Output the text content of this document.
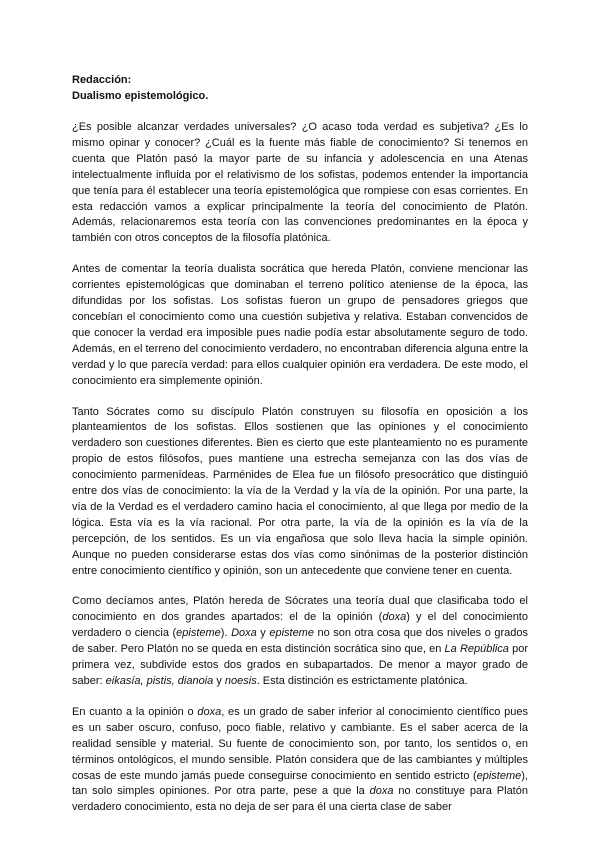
Redacción:
Dualismo epistemológico.

¿Es posible alcanzar verdades universales? ¿O acaso toda verdad es subjetiva? ¿Es lo mismo opinar y conocer? ¿Cuál es la fuente más fiable de conocimiento? Si tenemos en cuenta que Platón pasó la mayor parte de su infancia y adolescencia en una Atenas intelectualmente influida por el relativismo de los sofistas, podemos entender la importancia que tenía para él establecer una teoría epistemológica que rompiese con esas corrientes. En esta redacción vamos a explicar principalmente la teoría del conocimiento de Platón. Además, relacionaremos esta teoría con las convenciones predominantes en la época y también con otros conceptos de la filosofía platónica.

Antes de comentar la teoría dualista socrática que hereda Platón, conviene mencionar las corrientes epistemológicas que dominaban el terreno político ateniense de la época, las difundidas por los sofistas. Los sofistas fueron un grupo de pensadores griegos que concebían el conocimiento como una cuestión subjetiva y relativa. Estaban convencidos de que conocer la verdad era imposible pues nadie podía estar absolutamente seguro de todo. Además, en el terreno del conocimiento verdadero, no encontraban diferencia alguna entre la verdad y lo que parecía verdad: para ellos cualquier opinión era verdadera. De este modo, el conocimiento era simplemente opinión.

Tanto Sócrates como su discípulo Platón construyen su filosofía en oposición a los planteamientos de los sofistas. Ellos sostienen que las opiniones y el conocimiento verdadero son cuestiones diferentes. Bien es cierto que este planteamiento no es puramente propio de estos filósofos, pues mantiene una estrecha semejanza con las dos vías de conocimiento parmenídeas. Parménides de Elea fue un filósofo presocrático que distinguió entre dos vías de conocimiento: la vía de la Verdad y la vía de la opinión. Por una parte, la vía de la Verdad es el verdadero camino hacia el conocimiento, al que llega por medio de la lógica. Esta vía es la vía racional. Por otra parte, la vía de la opinión es la vía de la percepción, de los sentidos. Es un vía engañosa que solo lleva hacia la simple opinión. Aunque no pueden considerarse estas dos vías como sinónimas de la posterior distinción entre conocimiento científico y opinión, son un antecedente que conviene tener en cuenta.

Como decíamos antes, Platón hereda de Sócrates una teoría dual que clasificaba todo el conocimiento en dos grandes apartados: el de la opinión (doxa) y el del conocimiento verdadero o ciencia (episteme). Doxa y episteme no son otra cosa que dos niveles o grados de saber. Pero Platón no se queda en esta distinción socrática sino que, en La República por primera vez, subdivide estos dos grados en subapartados. De menor a mayor grado de saber: eikasía, pistis, dianoia y noesis. Esta distinción es estrictamente platónica.

En cuanto a la opinión o doxa, es un grado de saber inferior al conocimiento científico pues es un saber oscuro, confuso, poco fiable, relativo y cambiante. Es el saber acerca de la realidad sensible y material. Su fuente de conocimiento son, por tanto, los sentidos o, en términos ontológicos, el mundo sensible. Platón considera que de las cambiantes y múltiples cosas de este mundo jamás puede conseguirse conocimiento en sentido estricto (episteme), tan solo simples opiniones. Por otra parte, pese a que la doxa no constituye para Platón verdadero conocimiento, esta no deja de ser para él una cierta clase de saber
